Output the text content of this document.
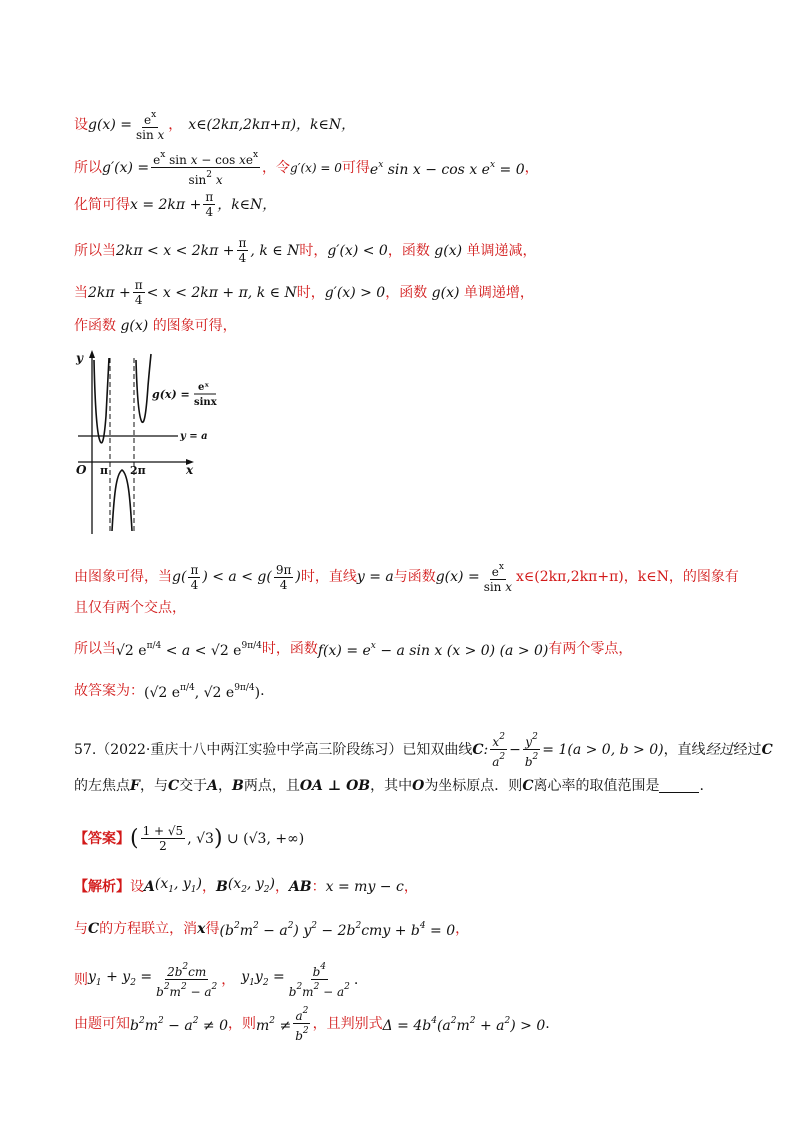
设 $g(x) = \frac{e^x}{\text{sin x}}$ ， x∈(2kπ,2kπ+π)，k∈N，
所以 $g'(x) = \frac{e^x \sin x - \cos xe^x}{\sin^2 x}$ ，令 g′(x) = 0 可得 $e^x$ sin x − cos x $e^x = 0$ ，
化简可得 $x = 2k\pi + \frac{\pi}{4}$ ，k∈N，
所以当 $2k\pi < x < 2k\pi + \frac{\pi}{4}$ , k ∈ N 时， g′(x) < 0 ，函数 g(x) 单调递减，
当 $2k\pi + \frac{\pi}{4} < x < 2k\pi + \pi$, k ∈ N 时， g′(x) > 0 ，函数 g(x) 单调递增，
作函数 g(x) 的图象可得，
y
x
O π 2π
y = a
g(x) =
eˣ
sinx
由图象可得，当 $g( \frac{\pi}{4}$ ) < $a < g( \frac{9\pi}{4}$ ) 时，直线 y = a 与函数 $g(x) = \frac{e^x}{\text{sin x}}$ x∈(2kπ,2kπ+π)，k∈N，的图象有
且仅有两个交点，
所以当 √2 $e^{\pi/4} < a < √2$ $e^{9\pi/4}$ 时，函数 $f(x) = e^x - a$ sin x (x > 0) (a > 0) 有两个零点，
故答案为： (√2 $e^{\pi/4}$, √2 $e^{9\pi/4}$) .
57.（2022·重庆十八中两江实验中学高三阶段练习）已知双曲线 C : $\frac{x^2}{a^2} - \frac{y^2}{b^2} = 1(a > 0$, b > 0) ，直线 经过 经过 C
的左焦点 F ，与 C 交于 A ， B 两点，且 OA ⊥ OB ，其中 O 为坐标原点．则 C 离心率的取值范围是	.
【答案】 ( $\frac{1 + √5}{2}$ , √3 ) ∪ (√3, +∞)
【解析】 设 A ($x_1$, $y_1$) ， B ($x_2$, $y_2$) ， AB ： x = my − c ，
与 C 的方程联立，消 x 得 $(b^2m^2 - a^2) y^2 - 2b^2cmy + b^4 = 0$ ，
则 $y_1 + y_2 = \frac{2b^2cm}{b^2m^2 - a^2}$ ， $y_1y_2 = \frac{b^4}{b^2m^2 - a^2}$ .
由题可知 $b^2m^2 - a^2 \ne 0$ ，则 $m^2 \ne \frac{a^2}{b^2}$ ，且判别式 $\Delta = 4b^4(a^2m^2 + a^2) > 0$ .
